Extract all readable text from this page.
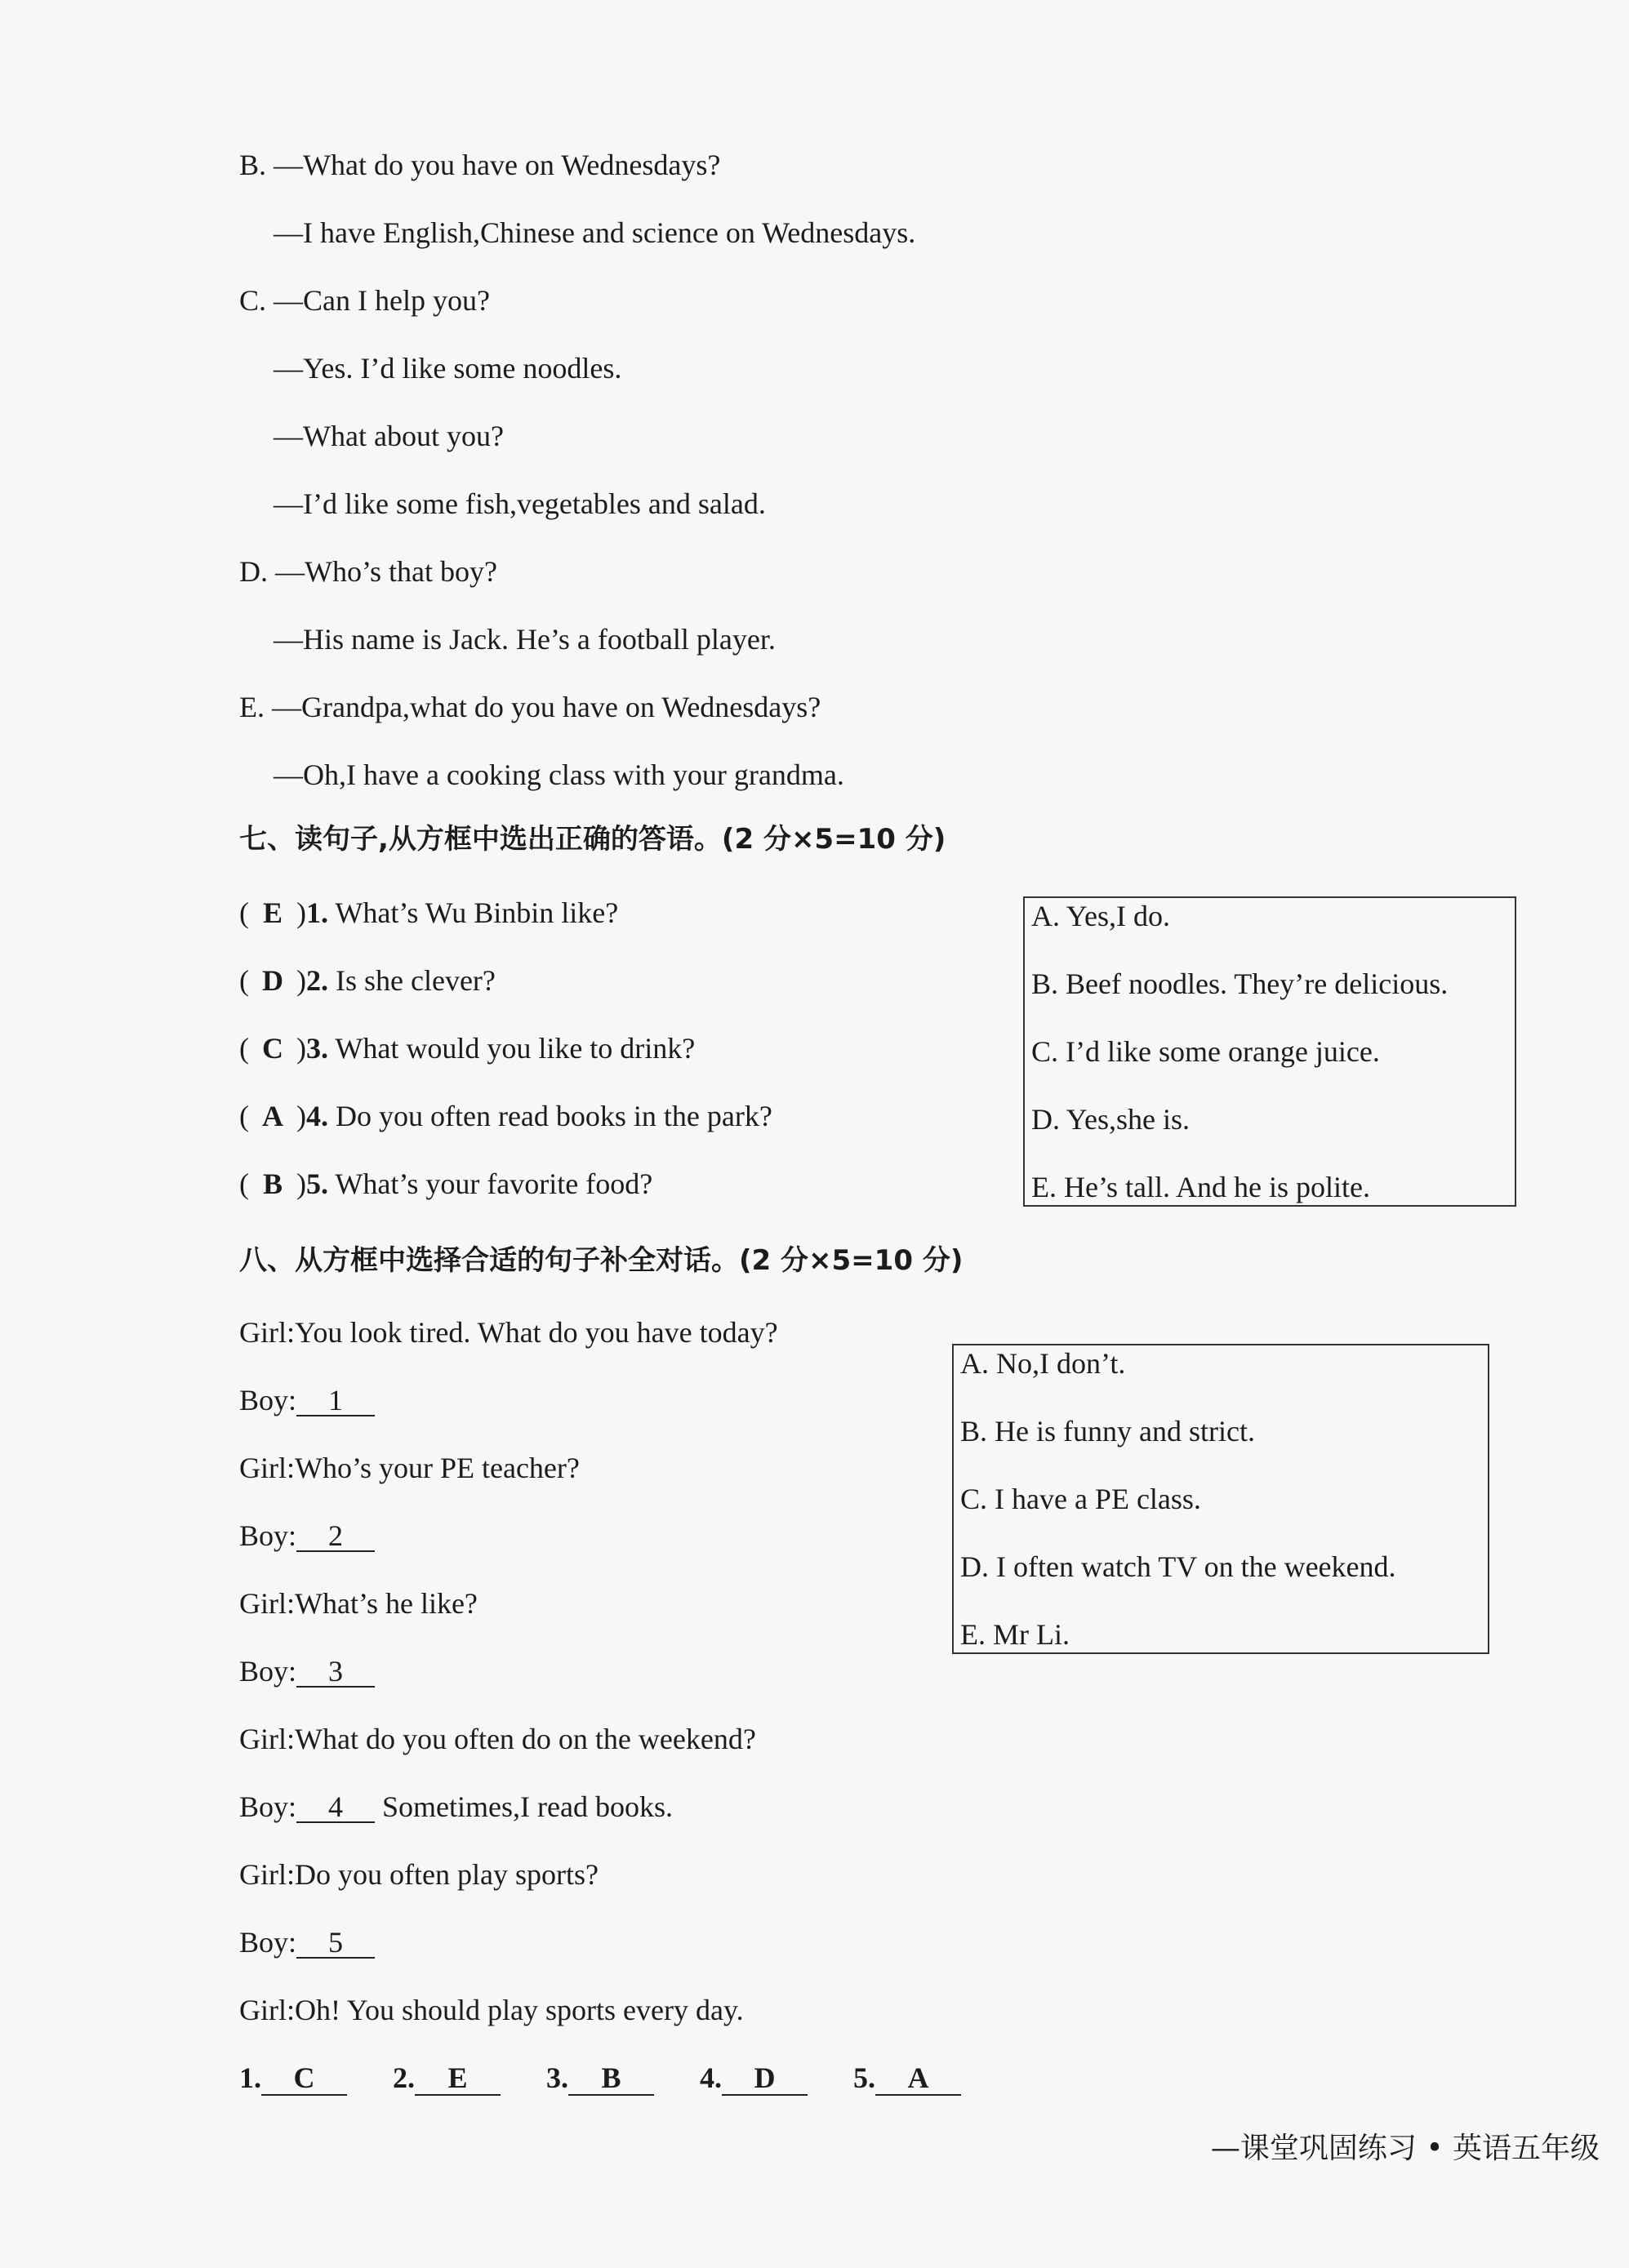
B. —What do you have on Wednesdays?
—I have English,Chinese and science on Wednesdays.
C. —Can I help you?
—Yes. I’d like some noodles.
—What about you?
—I’d like some fish,vegetables and salad.
D. —Who’s that boy?
—His name is Jack. He’s a football player.
E. —Grandpa,what do you have on Wednesdays?
—Oh,I have a cooking class with your grandma.
七、读句子,从方框中选出正确的答语。(2 分×5=10 分)
( E )1. What’s Wu Binbin like?
( D )2. Is she clever?
( C )3. What would you like to drink?
( A )4. Do you often read books in the park?
( B )5. What’s your favorite food?
A. Yes,I do.
B. Beef noodles. They’re delicious.
C. I’d like some orange juice.
D. Yes,she is.
E. He’s tall. And he is polite.
八、从方框中选择合适的句子补全对话。(2 分×5=10 分)
Girl:You look tired. What do you have today?
Boy: 1
Girl:Who’s your PE teacher?
Boy: 2
Girl:What’s he like?
Boy: 3
Girl:What do you often do on the weekend?
Boy: 4 Sometimes,I read books.
Girl:Do you often play sports?
Boy: 5
Girl:Oh! You should play sports every day.
A. No,I don’t.
B. He is funny and strict.
C. I have a PE class.
D. I often watch TV on the weekend.
E. Mr Li.
1. C	2. E	3. B	4. D	5. A
—课堂巩固练习 • 英语五年级
